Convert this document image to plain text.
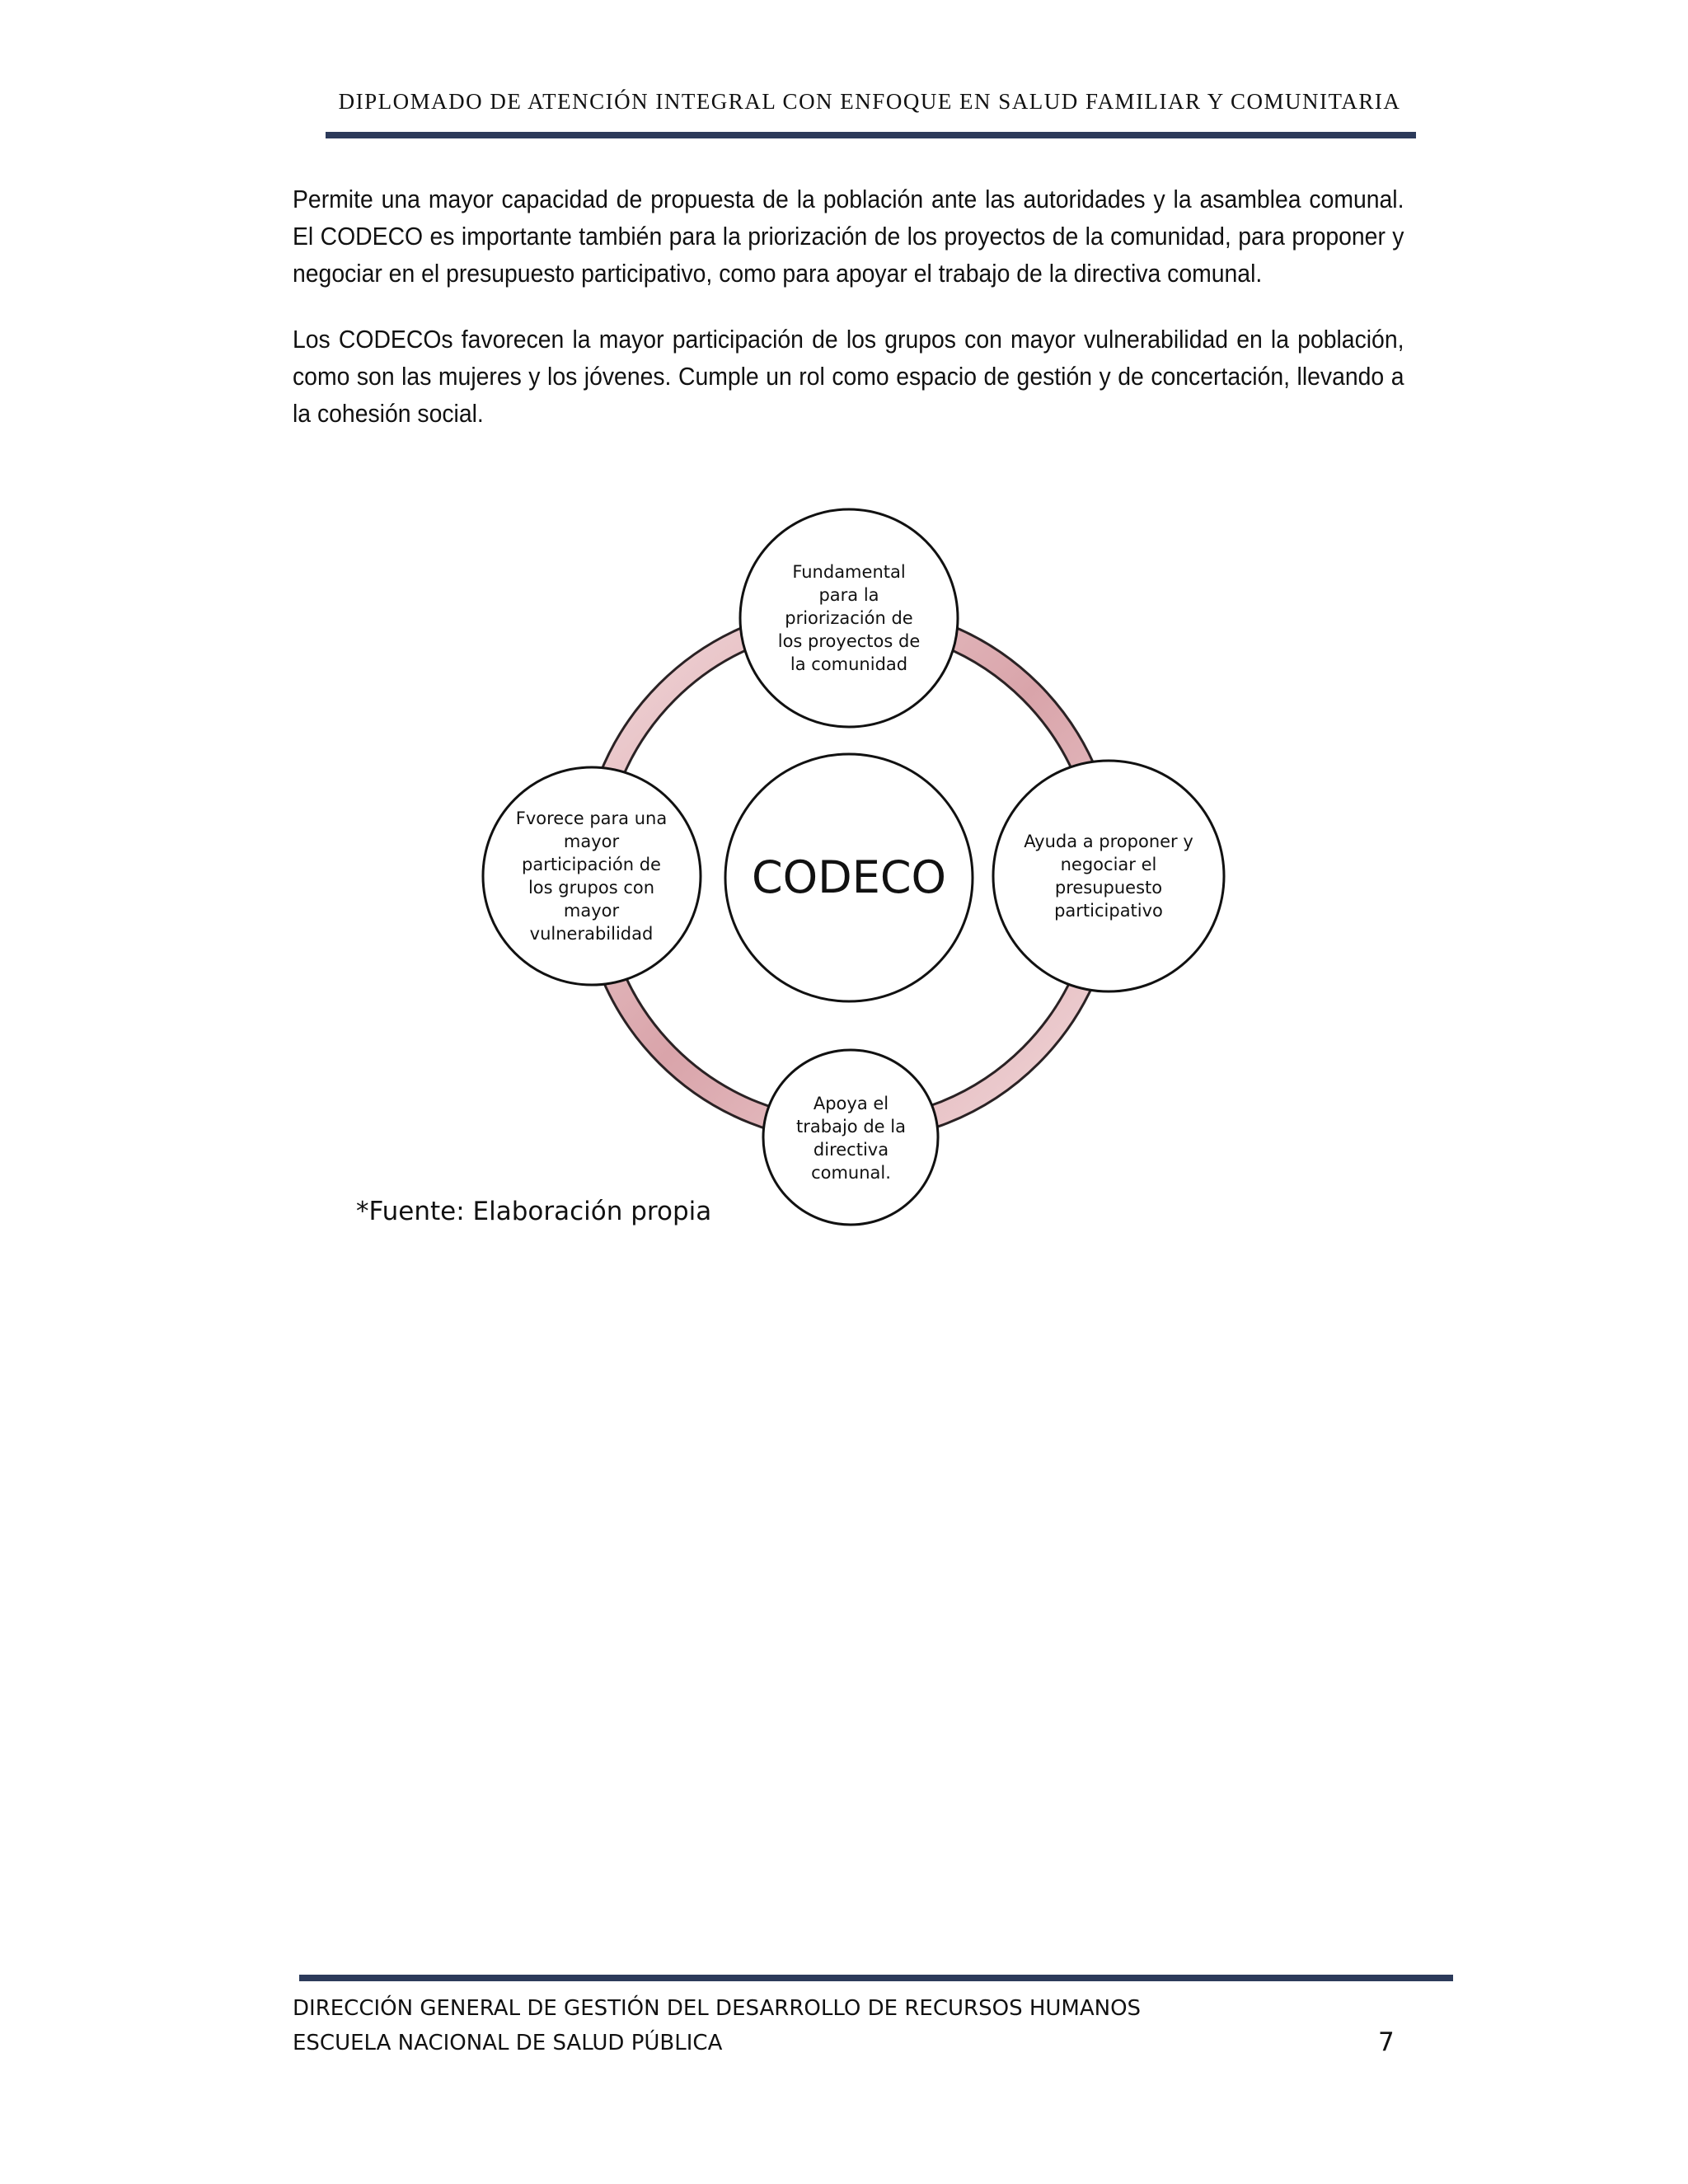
DIPLOMADO DE ATENCIÓN INTEGRAL CON ENFOQUE EN SALUD FAMILIAR Y COMUNITARIA

Permite una mayor capacidad de propuesta de la población ante las autoridades y la asamblea comunal. El CODECO es importante también para la priorización de los proyectos de la comunidad, para proponer y negociar en el presupuesto participativo, como para apoyar el trabajo de la directiva comunal.

Los CODECOs favorecen la mayor participación de los grupos con mayor vulnerabilidad en la población, como son las mujeres y los jóvenes. Cumple un rol como espacio de gestión y de concertación, llevando a la cohesión social.

CODECO
Fundamental para la priorización de los proyectos de la comunidad
Ayuda a proponer y negociar el presupuesto participativo
Apoya el trabajo de la directiva comunal.
Fvorece para una mayor participación de los grupos con mayor vulnerabilidad
*Fuente: Elaboración propia
DIRECCIÓN GENERAL DE GESTIÓN DEL DESARROLLO DE RECURSOS HUMANOS
ESCUELA NACIONAL DE SALUD PÚBLICA	7
